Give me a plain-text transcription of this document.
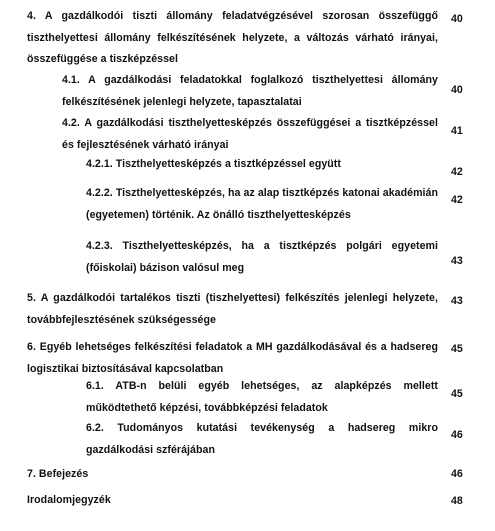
4. A gazdálkodói tiszti állomány feladatvégzésével szorosan összefüggő tiszthelyettesi állomány felkészítésének helyzete, a változás várható irányai, összefüggése a tiszképzéssel
40
4.1. A gazdálkodási feladatokkal foglalkozó tiszthelyettesi állomány felkészítésének jelenlegi helyzete, tapasztalatai
40
4.2. A gazdálkodási tiszthelyettesképzés összefüggései a tisztképzéssel és fejlesztésének várható irányai
41
4.2.1. Tiszthelyettesképzés a tisztképzéssel együtt
42
4.2.2. Tiszthelyettesképzés, ha az alap tisztképzés katonai akadémián (egyetemen) történik. Az önálló tiszthelyettesképzés
42
4.2.3. Tiszthelyettesképzés, ha a tisztképzés polgári egyetemi (főiskolai) bázison valósul meg
43
5. A gazdálkodói tartalékos tiszti (tiszhelyettesi) felkészítés jelenlegi helyzete, továbbfejlesztésének szükségessége
43
6. Egyéb lehetséges felkészítési feladatok a MH gazdálkodásával és a hadsereg logisztikai biztosításával kapcsolatban
45
6.1. ATB-n belüli egyéb lehetséges, az alapképzés mellett működtethető képzési, továbbképzési feladatok
45
6.2. Tudományos kutatási tevékenység a hadsereg mikro gazdálkodási szférájában
46
7. Befejezés	46
Irodalomjegyzék	48
